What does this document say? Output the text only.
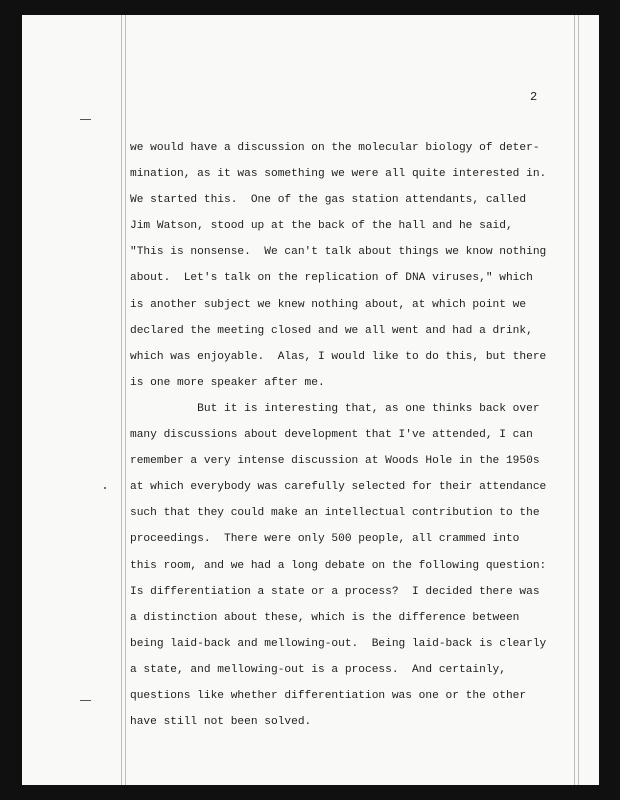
2

we would have a discussion on the molecular biology of deter-
mination, as it was something we were all quite interested in.
We started this.  One of the gas station attendants, called
Jim Watson, stood up at the back of the hall and he said,
"This is nonsense.  We can't talk about things we know nothing
about.  Let's talk on the replication of DNA viruses," which
is another subject we knew nothing about, at which point we
declared the meeting closed and we all went and had a drink,
which was enjoyable.  Alas, I would like to do this, but there
is one more speaker after me.
But it is interesting that, as one thinks back over
many discussions about development that I've attended, I can
remember a very intense discussion at Woods Hole in the 1950s
at which everybody was carefully selected for their attendance
such that they could make an intellectual contribution to the
proceedings.  There were only 500 people, all crammed into
this room, and we had a long debate on the following question:
Is differentiation a state or a process?  I decided there was
a distinction about these, which is the difference between
being laid-back and mellowing-out.  Being laid-back is clearly
a state, and mellowing-out is a process.  And certainly,
questions like whether differentiation was one or the other
have still not been solved.
